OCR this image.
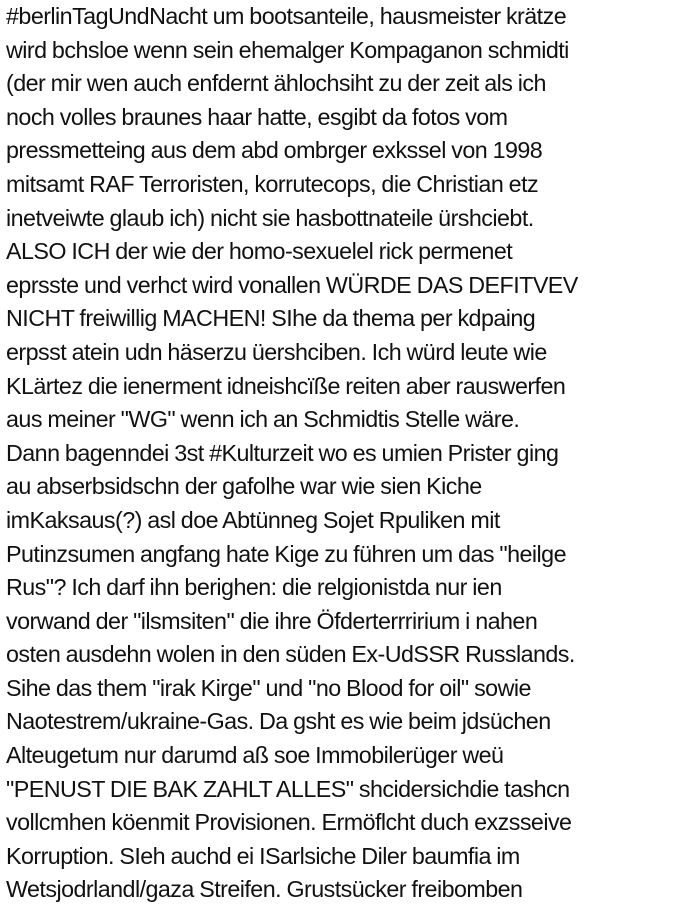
#berlinTagUndNacht um bootsanteile, hausmeister krätze
wird bchsloe wenn sein ehemalger Kompaganon schmidti
(der mir wen auch enfdernt ählochsiht zu der zeit als ich
noch volles braunes haar hatte, esgibt da fotos vom
pressmetteing aus dem abd ombrger exkssel von 1998
mitsamt RAF Terroristen, korrutecops, die Christian etz
inetveiwte glaub ich) nicht sie hasbottnateile ürshciebt.
ALSO ICH der wie der homo-sexuelel rick permenet
eprsste und verhct wird vonallen WÜRDE DAS DEFITVEV
NICHT freiwillig MACHEN! SIhe da thema per kdpaing
erpsst atein udn häserzu üershciben. Ich würd leute wie
KLärtez die ienerment idneishcïße reiten aber rauswerfen
aus meiner "WG" wenn ich an Schmidtis Stelle wäre.
Dann bagenndei 3st #Kulturzeit wo es umien Prister ging
au abserbsidschn der gafolhe war wie sien Kiche
imKaksaus(?) asl doe Abtünneg Sojet Rpuliken mit
Putinzsumen angfang hate Kige zu führen um das "heilge
Rus"? Ich darf ihn berighen: die relgionistda nur ien
vorwand der "ilsmsiten" die ihre Öfderterrririum i nahen
osten ausdehn wolen in den süden Ex-UdSSR Russlands.
Sihe das them "irak Kirge" und "no Blood for oil" sowie
Naotestrem/ukraine-Gas. Da gsht es wie beim jdsüchen
Alteugetum nur darumd aß soe Immobilerüger weü
"PENUST DIE BAK ZAHLT ALLES" shcidersichdie tashcn
vollcmhen köenmit Provisionen. Ermöflcht duch exzsseive
Korruption. SIeh auchd ei ISarlsiche Diler baumfia im
Wetsjodrlandl/gaza Streifen. Grustsücker freibomben
